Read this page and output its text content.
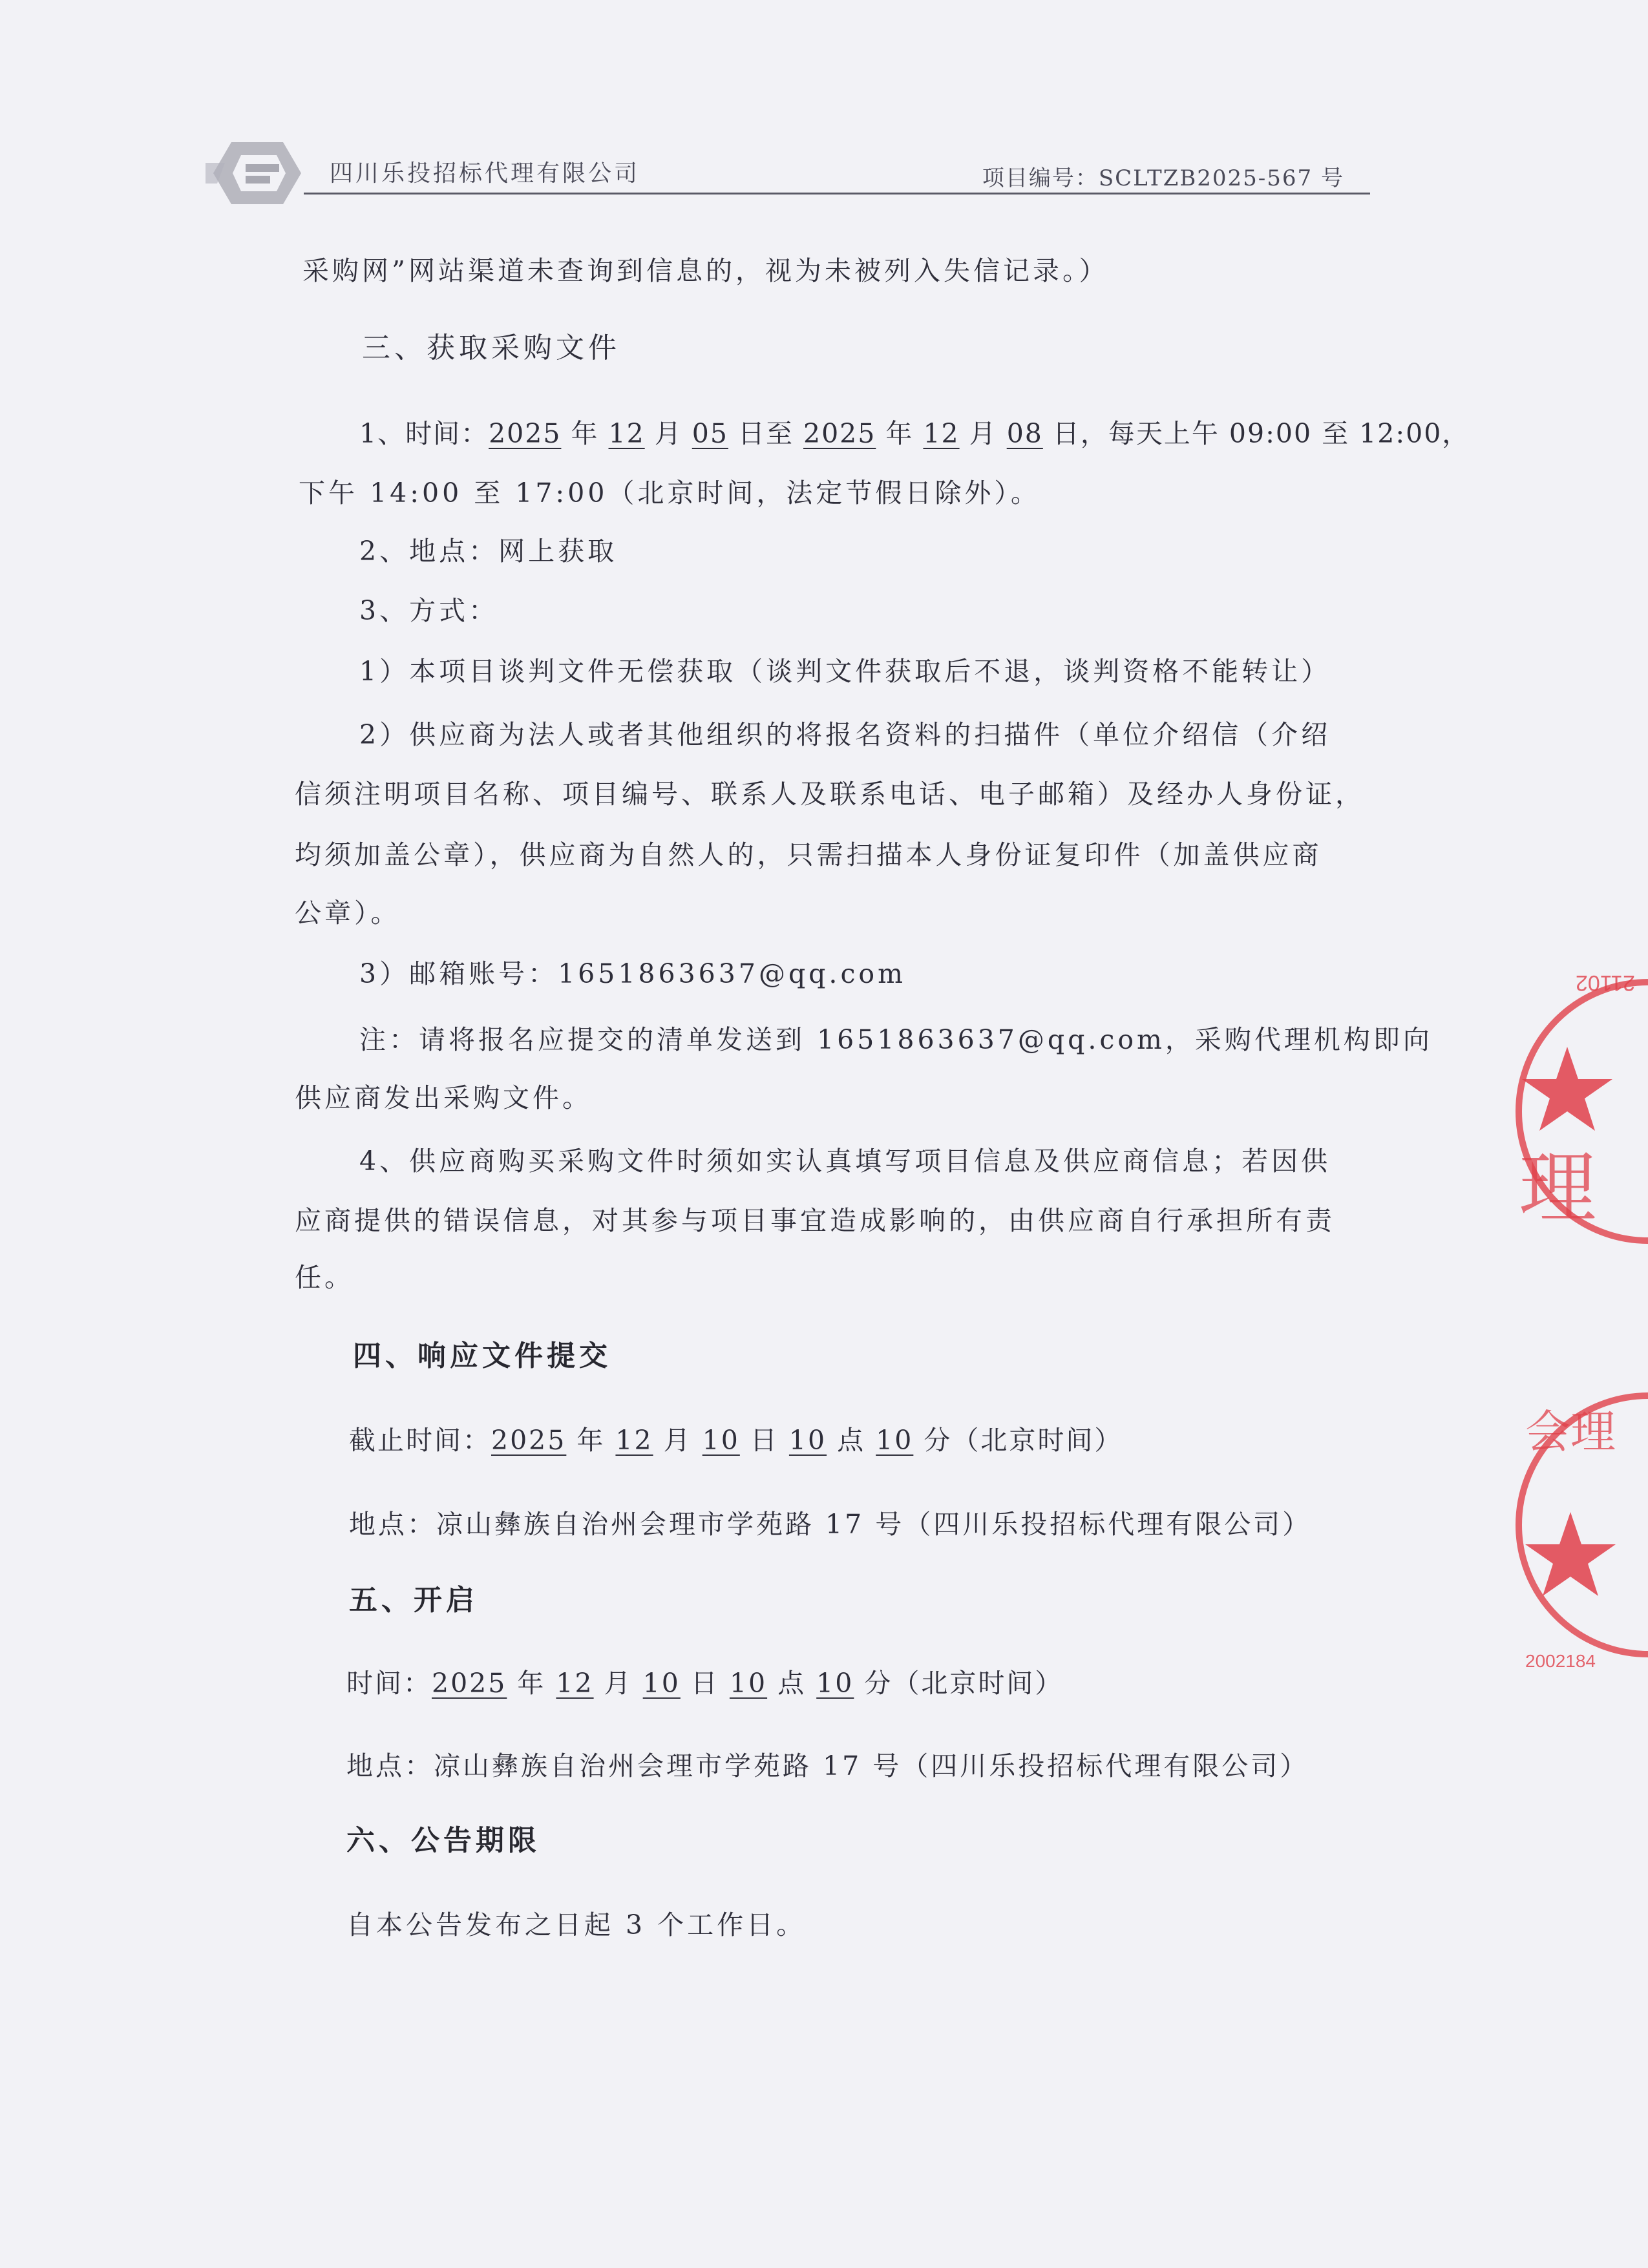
四川乐投招标代理有限公司	项目编号：SCLTZB2025-567 号
采购网”网站渠道未查询到信息的，视为未被列入失信记录。）
三、获取采购文件
1、时间：2025 年 12 月 05 日至 2025 年 12 月 08 日，每天上午 09:00 至 12:00，
下午 14:00 至 17:00（北京时间，法定节假日除外）。
2、地点：网上获取
3、方式：
1）本项目谈判文件无偿获取（谈判文件获取后不退，谈判资格不能转让）
2）供应商为法人或者其他组织的将报名资料的扫描件（单位介绍信（介绍
信须注明项目名称、项目编号、联系人及联系电话、电子邮箱）及经办人身份证，
均须加盖公章），供应商为自然人的，只需扫描本人身份证复印件（加盖供应商
公章）。
3）邮箱账号：1651863637@qq.com
注：请将报名应提交的清单发送到 1651863637@qq.com，采购代理机构即向
供应商发出采购文件。
4、供应商购买采购文件时须如实认真填写项目信息及供应商信息；若因供
应商提供的错误信息，对其参与项目事宜造成影响的，由供应商自行承担所有责
任。
四、响应文件提交
截止时间：2025 年 12 月 10 日 10 点 10 分（北京时间）
地点：凉山彝族自治州会理市学苑路 17 号（四川乐投招标代理有限公司）
五、开启
时间：2025 年 12 月 10 日 10 点 10 分（北京时间）
地点：凉山彝族自治州会理市学苑路 17 号（四川乐投招标代理有限公司）
六、公告期限
自本公告发布之日起 3 个工作日。
21102
理
会理
2002184
